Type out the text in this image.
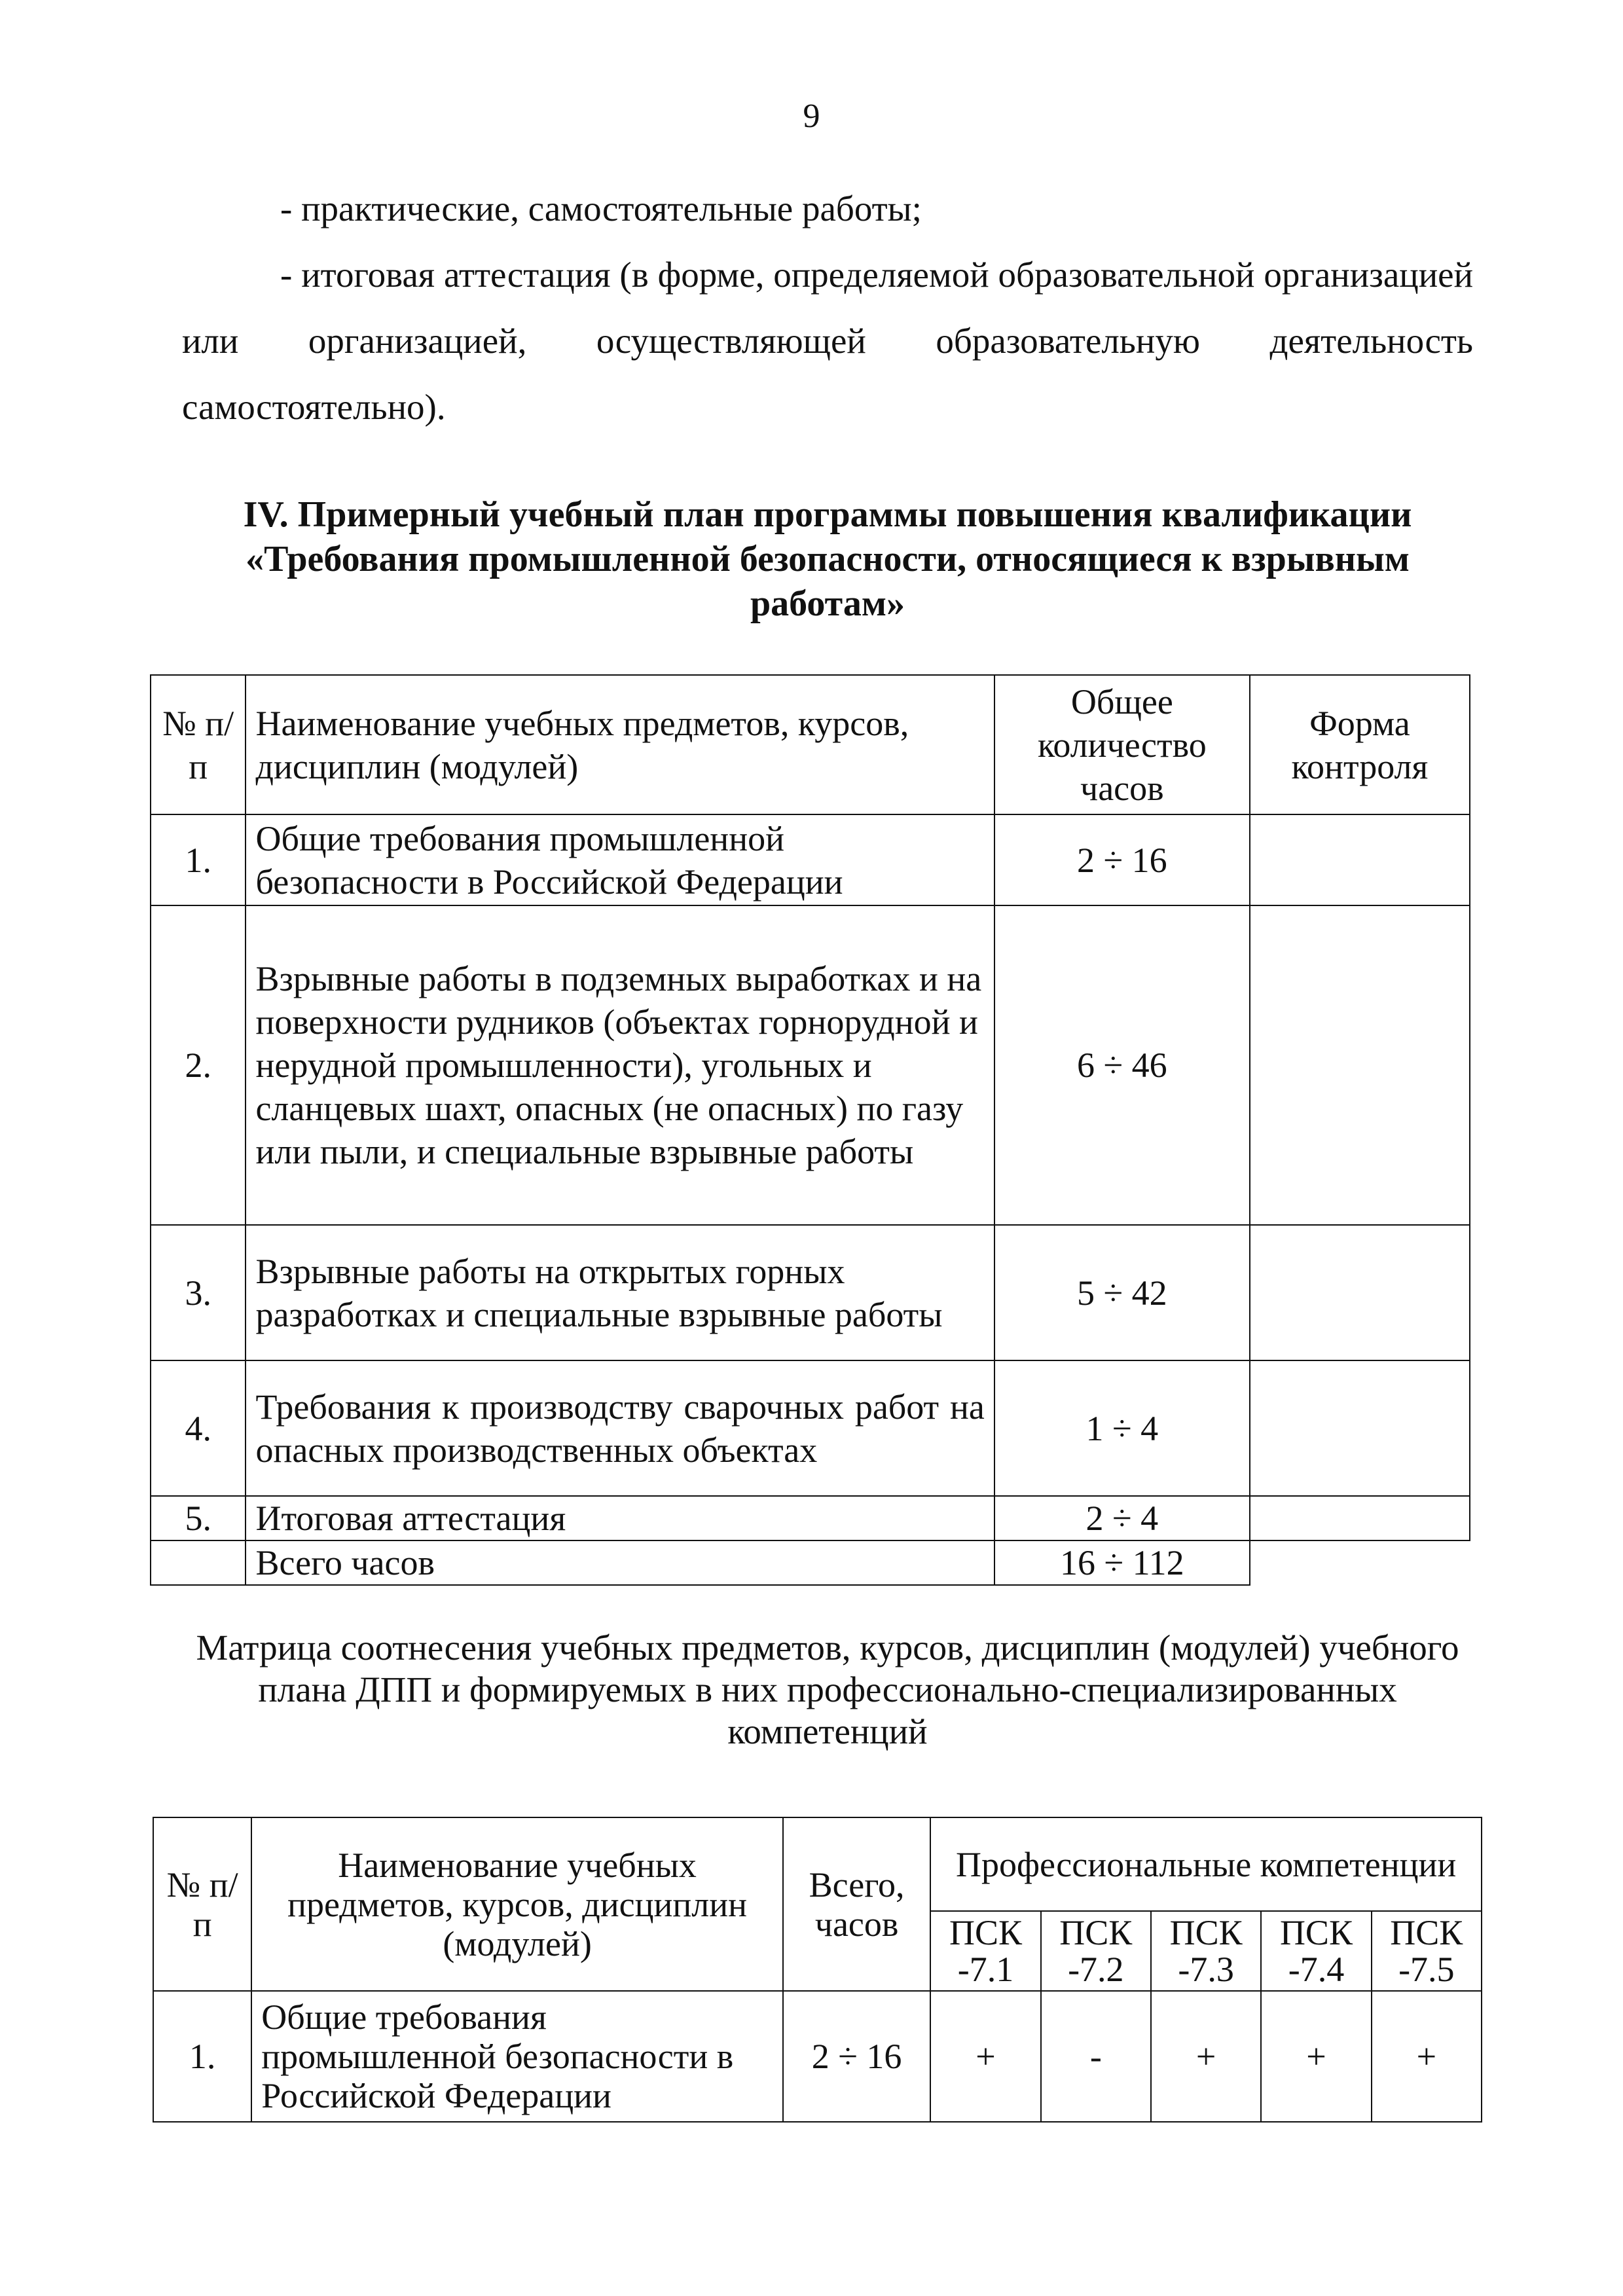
9
- практические, самостоятельные работы;
- итоговая аттестация (в форме, определяемой образовательной организацией или организацией, осуществляющей образовательную деятельность самостоятельно).
IV. Примерный учебный план программы повышения квалификации «Требования промышленной безопасности, относящиеся к взрывным работам»
№ п/п	Наименование учебных предметов, курсов, дисциплин (модулей)	Общее количество часов	Форма контроля
1.	Общие требования промышленной безопасности в Российской Федерации	2 ÷ 16	
2.	Взрывные работы в подземных выработках и на поверхности рудников (объектах горнорудной и нерудной промышленности), угольных и сланцевых шахт, опасных (не опасных) по газу или пыли, и специальные взрывные работы	6 ÷ 46	
3.	Взрывные работы на открытых горных разработках и специальные взрывные работы	5 ÷ 42	
4.	Требования к производству сварочных работ на опасных производственных объектах	1 ÷ 4	
5.	Итоговая аттестация	2 ÷ 4	
	Всего часов	16 ÷ 112	
Матрица соотнесения учебных предметов, курсов, дисциплин (модулей) учебного плана ДПП и формируемых в них профессионально-специализированных компетенций
№ п/п	Наименование учебных предметов, курсов, дисциплин (модулей)	Всего, часов	Профессиональные компетенции				
			ПСК -7.1	ПСК -7.2	ПСК -7.3	ПСК -7.4	ПСК -7.5
1.	Общие требования промышленной безопасности в Российской Федерации	2 ÷ 16	+	-	+	+	+
